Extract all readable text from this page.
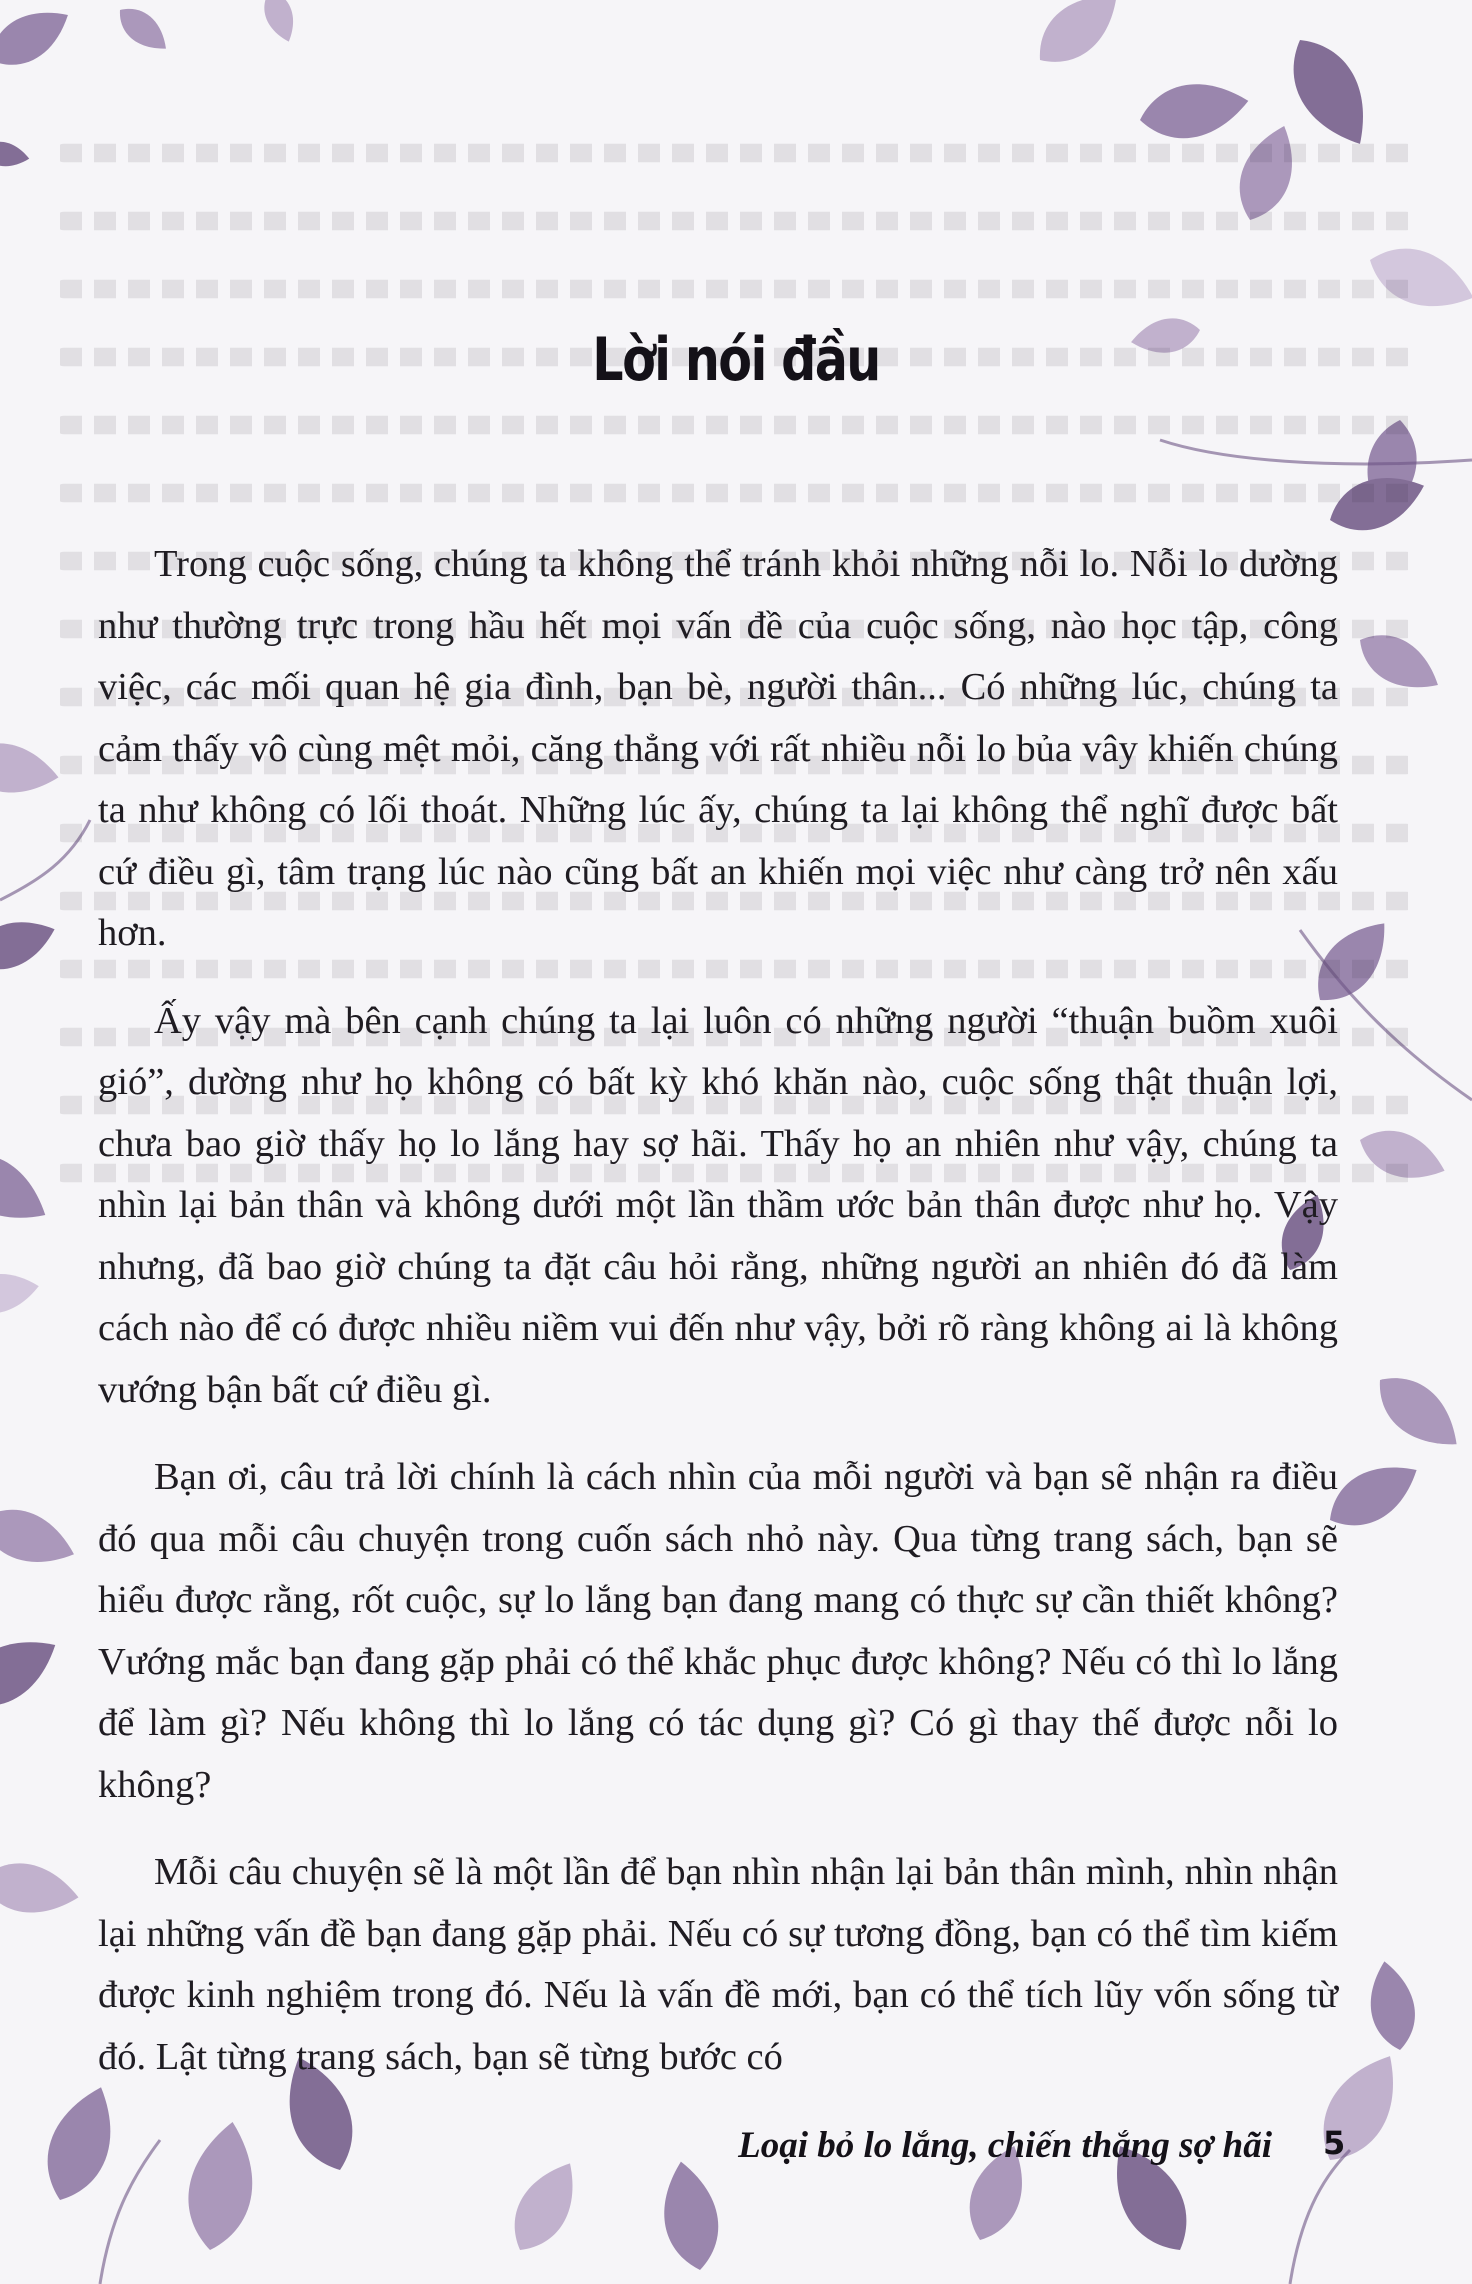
Lời nói đầu

Trong cuộc sống, chúng ta không thể tránh khỏi những nỗi lo. Nỗi lo dường như thường trực trong hầu hết mọi vấn đề của cuộc sống, nào học tập, công việc, các mối quan hệ gia đình, bạn bè, người thân... Có những lúc, chúng ta cảm thấy vô cùng mệt mỏi, căng thẳng với rất nhiều nỗi lo bủa vây khiến chúng ta như không có lối thoát. Những lúc ấy, chúng ta lại không thể nghĩ được bất cứ điều gì, tâm trạng lúc nào cũng bất an khiến mọi việc như càng trở nên xấu hơn.

Ấy vậy mà bên cạnh chúng ta lại luôn có những người “thuận buồm xuôi gió”, dường như họ không có bất kỳ khó khăn nào, cuộc sống thật thuận lợi, chưa bao giờ thấy họ lo lắng hay sợ hãi. Thấy họ an nhiên như vậy, chúng ta nhìn lại bản thân và không dưới một lần thầm ước bản thân được như họ. Vậy nhưng, đã bao giờ chúng ta đặt câu hỏi rằng, những người an nhiên đó đã làm cách nào để có được nhiều niềm vui đến như vậy, bởi rõ ràng không ai là không vướng bận bất cứ điều gì.

Bạn ơi, câu trả lời chính là cách nhìn của mỗi người và bạn sẽ nhận ra điều đó qua mỗi câu chuyện trong cuốn sách nhỏ này. Qua từng trang sách, bạn sẽ hiểu được rằng, rốt cuộc, sự lo lắng bạn đang mang có thực sự cần thiết không? Vướng mắc bạn đang gặp phải có thể khắc phục được không? Nếu có thì lo lắng để làm gì? Nếu không thì lo lắng có tác dụng gì? Có gì thay thế được nỗi lo không?

Mỗi câu chuyện sẽ là một lần để bạn nhìn nhận lại bản thân mình, nhìn nhận lại những vấn đề bạn đang gặp phải. Nếu có sự tương đồng, bạn có thể tìm kiếm được kinh nghiệm trong đó. Nếu là vấn đề mới, bạn có thể tích lũy vốn sống từ đó. Lật từng trang sách, bạn sẽ từng bước có

Loại bỏ lo lắng, chiến thắng sợ hãi 5
